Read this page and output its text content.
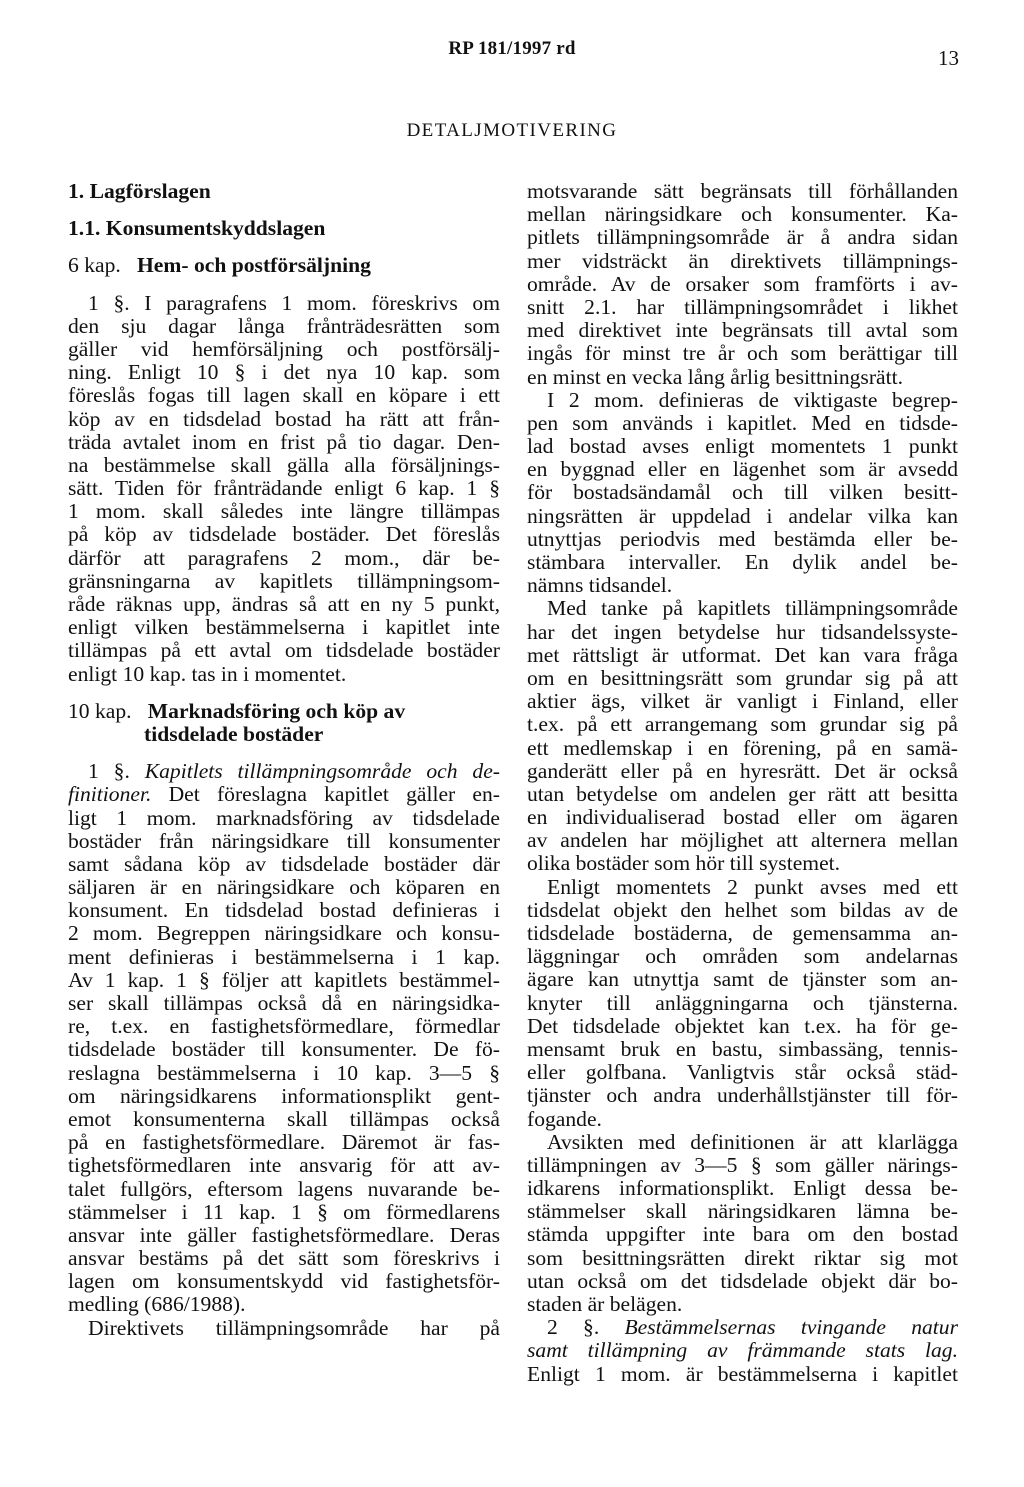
RP 181/1997 rd	13
DETALJMOTIVERING
1. Lagförslagen
1.1. Konsumentskyddslagen
6 kap. Hem- och postförsäljning
1 §. I paragrafens 1 mom. föreskrivs om
den sju dagar långa frånträdesrätten som
gäller vid hemförsäljning och postförsälj-
ning. Enligt 10 § i det nya 10 kap. som
föreslås fogas till lagen skall en köpare i ett
köp av en tidsdelad bostad ha rätt att från-
träda avtalet inom en frist på tio dagar. Den-
na bestämmelse skall gälla alla försäljnings-
sätt. Tiden för frånträdande enligt 6 kap. 1 §
1 mom. skall således inte längre tillämpas
på köp av tidsdelade bostäder. Det föreslås
därför att paragrafens 2 mom., där be-
gränsningarna av kapitlets tillämpningsom-
råde räknas upp, ändras så att en ny 5 punkt,
enligt vilken bestämmelserna i kapitlet inte
tillämpas på ett avtal om tidsdelade bostäder
enligt 10 kap. tas in i momentet.
10 kap. Marknadsföring och köp av
tidsdelade bostäder
1 §. Kapitlets tillämpningsområde och de-
finitioner. Det föreslagna kapitlet gäller en-
ligt 1 mom. marknadsföring av tidsdelade
bostäder från näringsidkare till konsumenter
samt sådana köp av tidsdelade bostäder där
säljaren är en näringsidkare och köparen en
konsument. En tidsdelad bostad definieras i
2 mom. Begreppen näringsidkare och konsu-
ment definieras i bestämmelserna i 1 kap.
Av 1 kap. 1 § följer att kapitlets bestämmel-
ser skall tillämpas också då en näringsidka-
re, t.ex. en fastighetsförmedlare, förmedlar
tidsdelade bostäder till konsumenter. De fö-
reslagna bestämmelserna i 10 kap. 3—5 §
om näringsidkarens informationsplikt gent-
emot konsumenterna skall tillämpas också
på en fastighetsförmedlare. Däremot är fas-
tighetsförmedlaren inte ansvarig för att av-
talet fullgörs, eftersom lagens nuvarande be-
stämmelser i 11 kap. 1 § om förmedlarens
ansvar inte gäller fastighetsförmedlare. Deras
ansvar bestäms på det sätt som föreskrivs i
lagen om konsumentskydd vid fastighetsför-
medling (686/1988).
Direktivets tillämpningsområde har på
motsvarande sätt begränsats till förhållanden
mellan näringsidkare och konsumenter. Ka-
pitlets tillämpningsområde är å andra sidan
mer vidsträckt än direktivets tillämpnings-
område. Av de orsaker som framförts i av-
snitt 2.1. har tillämpningsområdet i likhet
med direktivet inte begränsats till avtal som
ingås för minst tre år och som berättigar till
en minst en vecka lång årlig besittningsrätt.
I 2 mom. definieras de viktigaste begrep-
pen som används i kapitlet. Med en tidsde-
lad bostad avses enligt momentets 1 punkt
en byggnad eller en lägenhet som är avsedd
för bostadsändamål och till vilken besitt-
ningsrätten är uppdelad i andelar vilka kan
utnyttjas periodvis med bestämda eller be-
stämbara intervaller. En dylik andel be-
nämns tidsandel.
Med tanke på kapitlets tillämpningsområde
har det ingen betydelse hur tidsandelssyste-
met rättsligt är utformat. Det kan vara fråga
om en besittningsrätt som grundar sig på att
aktier ägs, vilket är vanligt i Finland, eller
t.ex. på ett arrangemang som grundar sig på
ett medlemskap i en förening, på en samä-
ganderätt eller på en hyresrätt. Det är också
utan betydelse om andelen ger rätt att besitta
en individualiserad bostad eller om ägaren
av andelen har möjlighet att alternera mellan
olika bostäder som hör till systemet.
Enligt momentets 2 punkt avses med ett
tidsdelat objekt den helhet som bildas av de
tidsdelade bostäderna, de gemensamma an-
läggningar och områden som andelarnas
ägare kan utnyttja samt de tjänster som an-
knyter till anläggningarna och tjänsterna.
Det tidsdelade objektet kan t.ex. ha för ge-
mensamt bruk en bastu, simbassäng, tennis-
eller golfbana. Vanligtvis står också städ-
tjänster och andra underhållstjänster till för-
fogande.
Avsikten med definitionen är att klarlägga
tillämpningen av 3—5 § som gäller närings-
idkarens informationsplikt. Enligt dessa be-
stämmelser skall näringsidkaren lämna be-
stämda uppgifter inte bara om den bostad
som besittningsrätten direkt riktar sig mot
utan också om det tidsdelade objekt där bo-
staden är belägen.
2 §. Bestämmelsernas tvingande natur
samt tillämpning av främmande stats lag.
Enligt 1 mom. är bestämmelserna i kapitlet
